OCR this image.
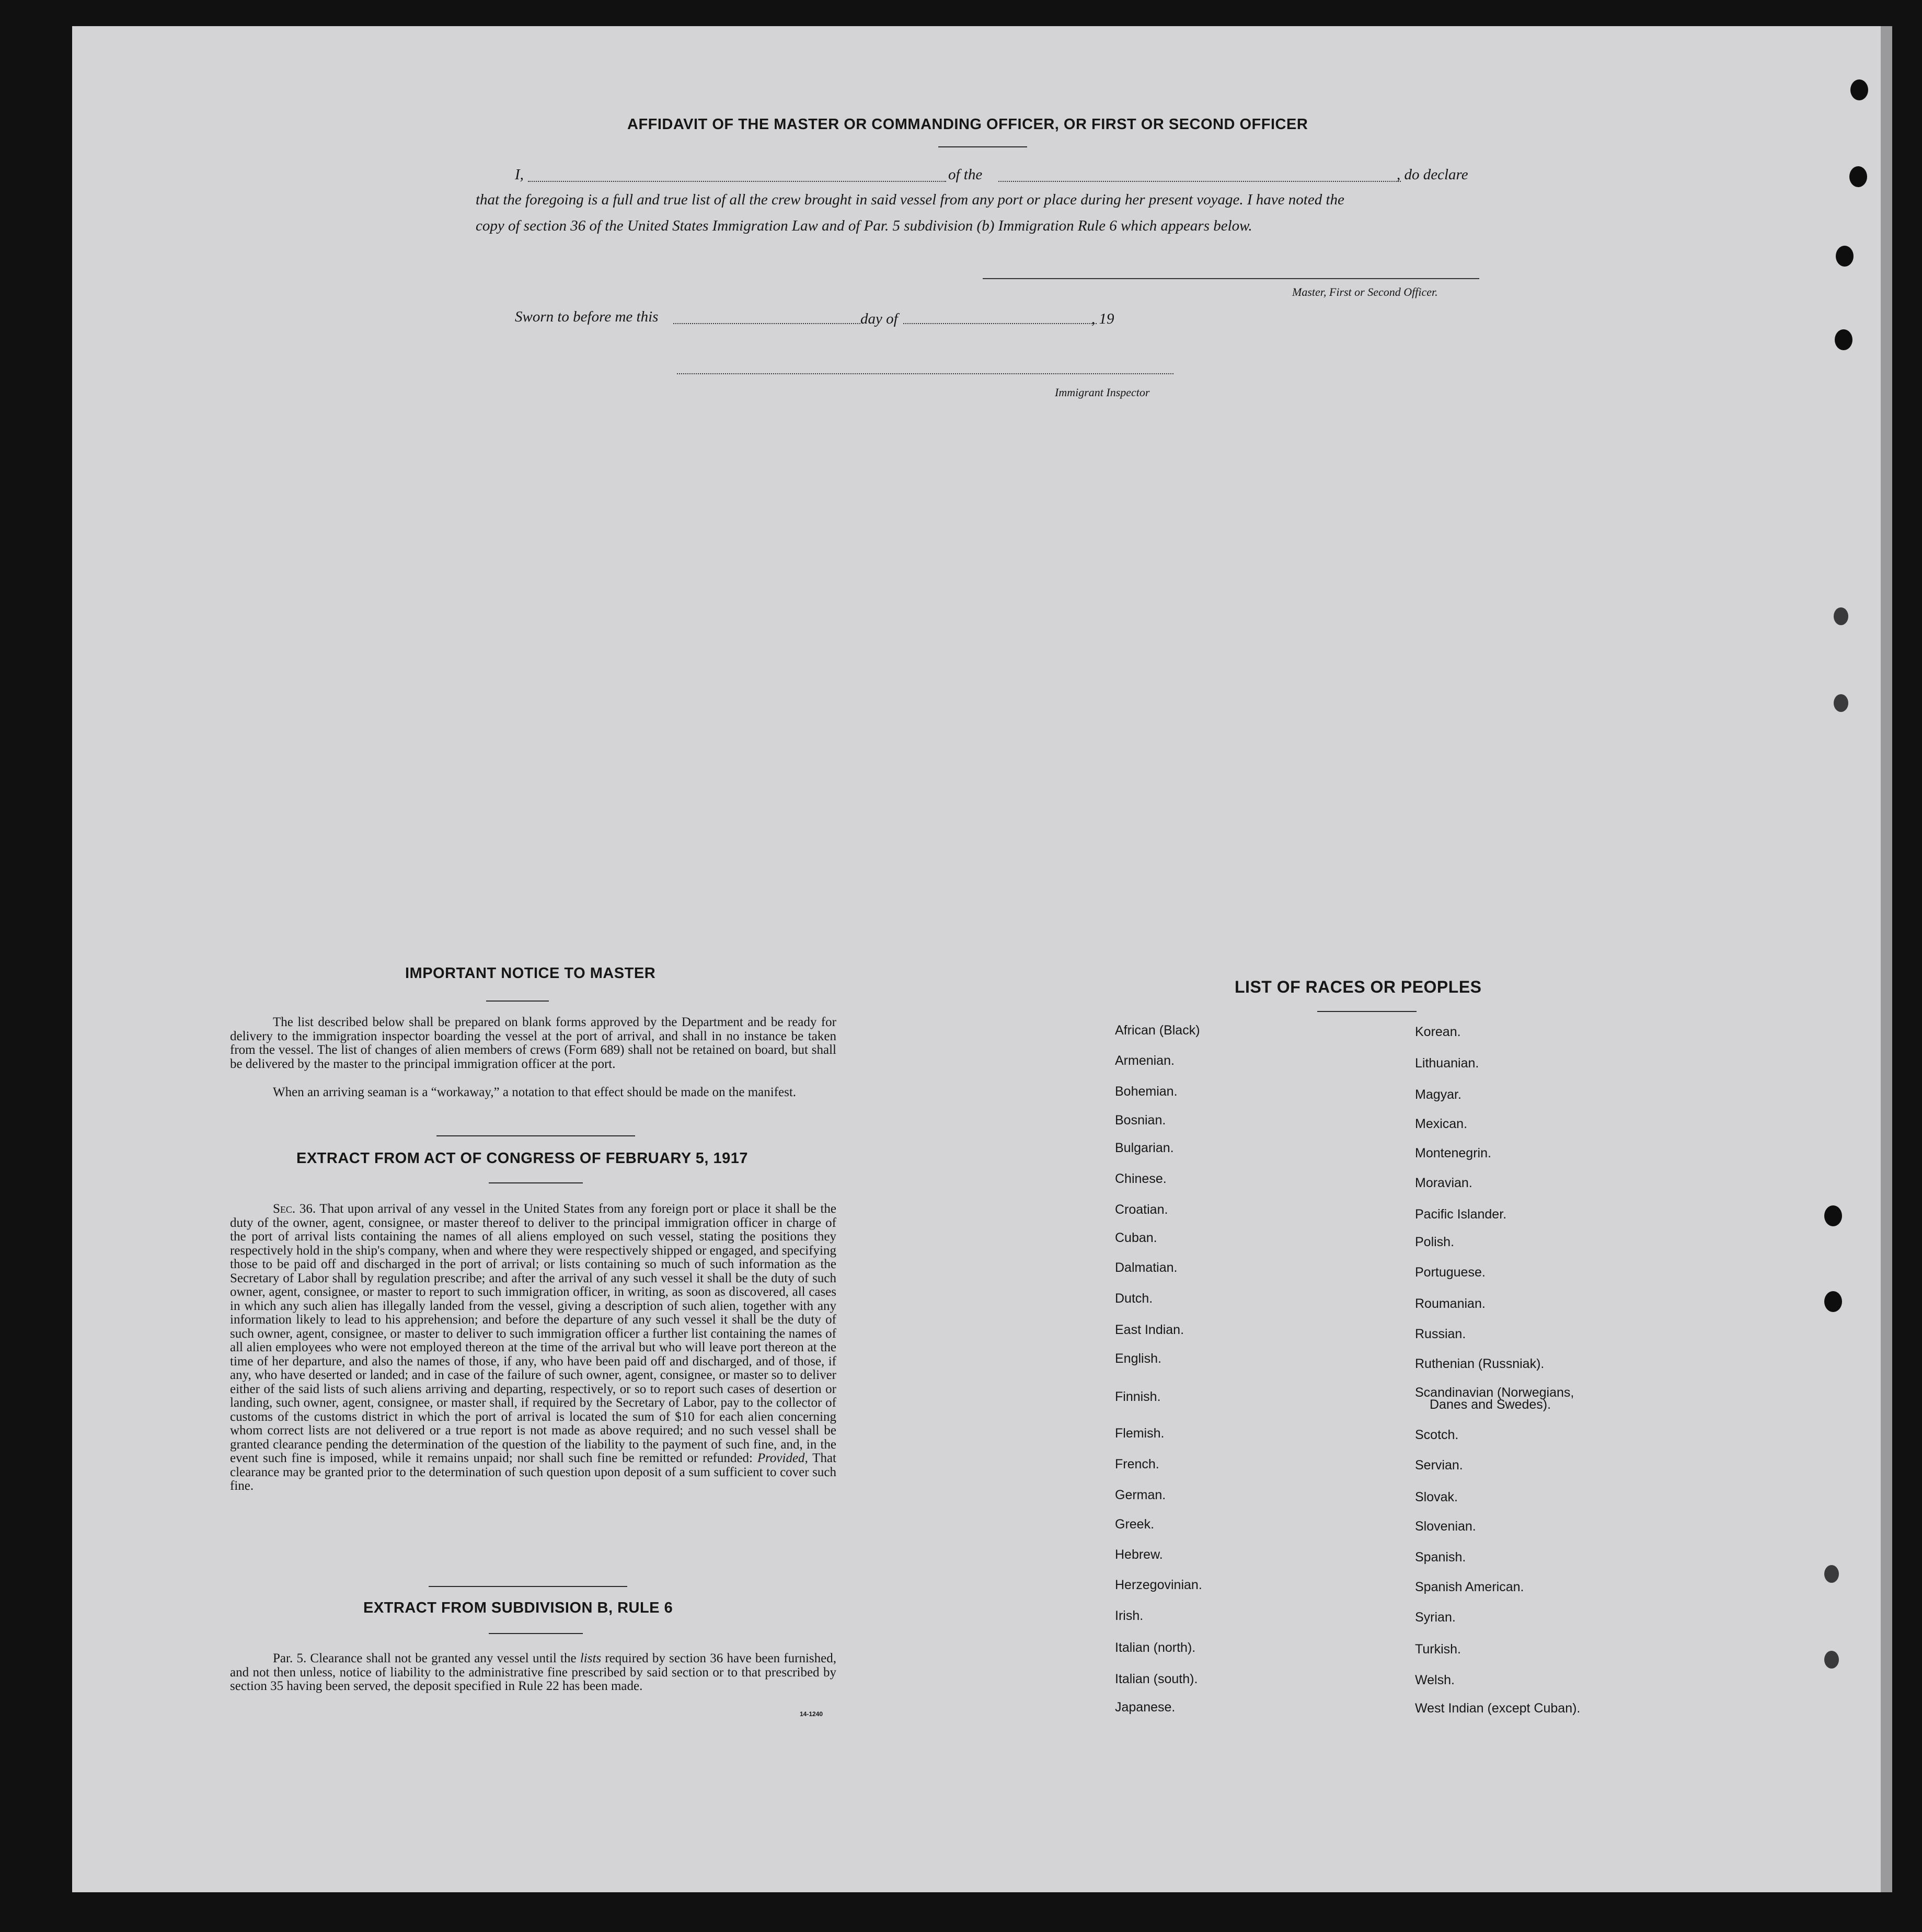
AFFIDAVIT OF THE MASTER OR COMMANDING OFFICER, OR FIRST OR SECOND OFFICER
I,	of the	, do declare
that the foregoing is a full and true list of all the crew brought in said vessel from any port or place during her present voyage. I have noted the
copy of section 36 of the United States Immigration Law and of Par. 5 subdivision (b) Immigration Rule 6 which appears below.
Master, First or Second Officer.
Sworn to before me this	day of	, 19
Immigrant Inspector
IMPORTANT NOTICE TO MASTER
The list described below shall be prepared on blank forms approved by the Department and be ready for delivery to the immigration inspector boarding the vessel at the port of arrival, and shall in no instance be taken from the vessel. The list of changes of alien members of crews (Form 689) shall not be retained on board, but shall be delivered by the master to the principal immigration officer at the port.
When an arriving seaman is a “workaway,” a notation to that effect should be made on the manifest.
EXTRACT FROM ACT OF CONGRESS OF FEBRUARY 5, 1917
Sec. 36. That upon arrival of any vessel in the United States from any foreign port or place it shall be the duty of the owner, agent, consignee, or master thereof to deliver to the principal immigration officer in charge of the port of arrival lists containing the names of all aliens employed on such vessel, stating the positions they respectively hold in the ship's company, when and where they were respectively shipped or engaged, and specifying those to be paid off and discharged in the port of arrival; or lists containing so much of such information as the Secretary of Labor shall by regulation prescribe; and after the arrival of any such vessel it shall be the duty of such owner, agent, consignee, or master to report to such immigration officer, in writing, as soon as discovered, all cases in which any such alien has illegally landed from the vessel, giving a description of such alien, together with any information likely to lead to his apprehension; and before the departure of any such vessel it shall be the duty of such owner, agent, consignee, or master to deliver to such immigration officer a further list containing the names of all alien employees who were not employed thereon at the time of the arrival but who will leave port thereon at the time of her departure, and also the names of those, if any, who have been paid off and discharged, and of those, if any, who have deserted or landed; and in case of the failure of such owner, agent, consignee, or master so to deliver either of the said lists of such aliens arriving and departing, respectively, or so to report such cases of desertion or landing, such owner, agent, consignee, or master shall, if required by the Secretary of Labor, pay to the collector of customs of the customs district in which the port of arrival is located the sum of $10 for each alien concerning whom correct lists are not delivered or a true report is not made as above required; and no such vessel shall be granted clearance pending the determination of the question of the liability to the payment of such fine, and, in the event such fine is imposed, while it remains unpaid; nor shall such fine be remitted or refunded: Provided, That clearance may be granted prior to the determination of such question upon deposit of a sum sufficient to cover such fine.
EXTRACT FROM SUBDIVISION B, RULE 6
Par. 5. Clearance shall not be granted any vessel until the lists required by section 36 have been furnished, and not then unless, notice of liability to the administrative fine prescribed by said section or to that prescribed by section 35 having been served, the deposit specified in Rule 22 has been made.
14-1240
LIST OF RACES OR PEOPLES
African (Black)
Armenian.
Bohemian.
Bosnian.
Bulgarian.
Chinese.
Croatian.
Cuban.
Dalmatian.
Dutch.
East Indian.
English.
Finnish.
Flemish.
French.
German.
Greek.
Hebrew.
Herzegovinian.
Irish.
Italian (north).
Italian (south).
Japanese.
Korean.
Lithuanian.
Magyar.
Mexican.
Montenegrin.
Moravian.
Pacific Islander.
Polish.
Portuguese.
Roumanian.
Russian.
Ruthenian (Russniak).
Scandinavian (Norwegians,
Scotch.
Servian.
Slovak.
Slovenian.
Spanish.
Spanish American.
Syrian.
Turkish.
Welsh.
West Indian (except Cuban).
Danes and Swedes).
